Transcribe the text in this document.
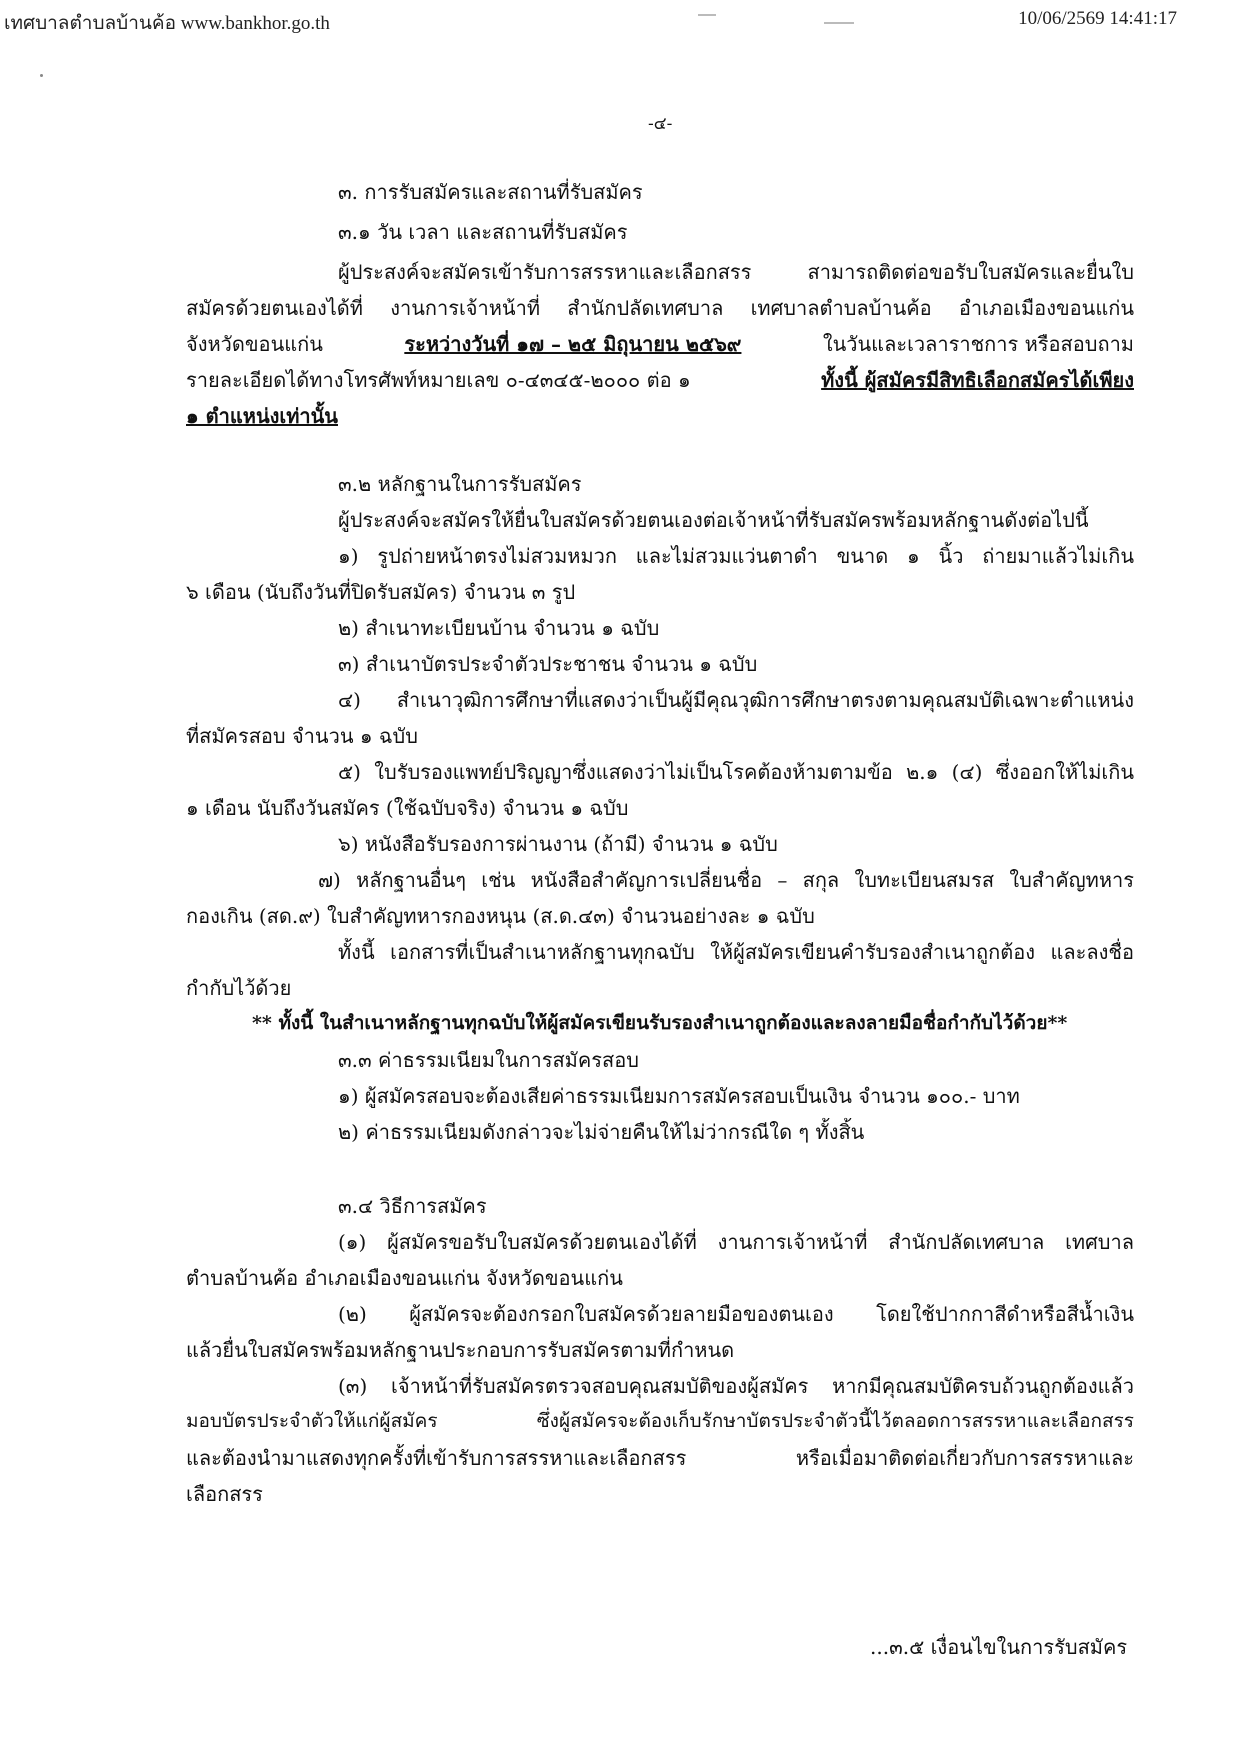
เทศบาลตำบลบ้านค้อ www.bankhor.go.th	10/06/2569 14:41:17
-๔-
๓. การรับสมัครและสถานที่รับสมัคร
๓.๑ วัน เวลา และสถานที่รับสมัคร
ผู้ประสงค์จะสมัครเข้ารับการสรรหาและเลือกสรร สามารถติดต่อขอรับใบสมัครและยื่นใบ
สมัครด้วยตนเองได้ที่ งานการเจ้าหน้าที่ สำนักปลัดเทศบาล เทศบาลตำบลบ้านค้อ อำเภอเมืองขอนแก่น
จังหวัดขอนแก่น	ระหว่างวันที่ ๑๗ – ๒๕ มิถุนายน ๒๕๖๙	ในวันและเวลาราชการ หรือสอบถาม
รายละเอียดได้ทางโทรศัพท์หมายเลข ๐-๔๓๔๕-๒๐๐๐ ต่อ ๑	ทั้งนี้ ผู้สมัครมีสิทธิเลือกสมัครได้เพียง
๑ ตำแหน่งเท่านั้น
๓.๒ หลักฐานในการรับสมัคร
ผู้ประสงค์จะสมัครให้ยื่นใบสมัครด้วยตนเองต่อเจ้าหน้าที่รับสมัครพร้อมหลักฐานดังต่อไปนี้
๑) รูปถ่ายหน้าตรงไม่สวมหมวก และไม่สวมแว่นตาดำ ขนาด ๑ นิ้ว ถ่ายมาแล้วไม่เกิน
๖ เดือน (นับถึงวันที่ปิดรับสมัคร) จำนวน ๓ รูป
๒) สำเนาทะเบียนบ้าน จำนวน ๑ ฉบับ
๓) สำเนาบัตรประจำตัวประชาชน จำนวน ๑ ฉบับ
๔) สำเนาวุฒิการศึกษาที่แสดงว่าเป็นผู้มีคุณวุฒิการศึกษาตรงตามคุณสมบัติเฉพาะตำแหน่ง
ที่สมัครสอบ จำนวน ๑ ฉบับ
๕) ใบรับรองแพทย์ปริญญาซึ่งแสดงว่าไม่เป็นโรคต้องห้ามตามข้อ ๒.๑ (๔) ซึ่งออกให้ไม่เกิน
๑ เดือน นับถึงวันสมัคร (ใช้ฉบับจริง) จำนวน ๑ ฉบับ
๖) หนังสือรับรองการผ่านงาน (ถ้ามี) จำนวน ๑ ฉบับ
๗) หลักฐานอื่นๆ เช่น หนังสือสำคัญการเปลี่ยนชื่อ – สกุล ใบทะเบียนสมรส ใบสำคัญทหาร
กองเกิน (สด.๙) ใบสำคัญทหารกองหนุน (ส.ด.๔๓) จำนวนอย่างละ ๑ ฉบับ
ทั้งนี้ เอกสารที่เป็นสำเนาหลักฐานทุกฉบับ ให้ผู้สมัครเขียนคำรับรองสำเนาถูกต้อง และลงชื่อ
กำกับไว้ด้วย
** ทั้งนี้ ในสำเนาหลักฐานทุกฉบับให้ผู้สมัครเขียนรับรองสำเนาถูกต้องและลงลายมือชื่อกำกับไว้ด้วย**
๓.๓ ค่าธรรมเนียมในการสมัครสอบ
๑) ผู้สมัครสอบจะต้องเสียค่าธรรมเนียมการสมัครสอบเป็นเงิน จำนวน ๑๐๐.- บาท
๒) ค่าธรรมเนียมดังกล่าวจะไม่จ่ายคืนให้ไม่ว่ากรณีใด ๆ ทั้งสิ้น
๓.๔ วิธีการสมัคร
(๑) ผู้สมัครขอรับใบสมัครด้วยตนเองได้ที่ งานการเจ้าหน้าที่ สำนักปลัดเทศบาล เทศบาล
ตำบลบ้านค้อ อำเภอเมืองขอนแก่น จังหวัดขอนแก่น
(๒) ผู้สมัครจะต้องกรอกใบสมัครด้วยลายมือของตนเอง โดยใช้ปากกาสีดำหรือสีน้ำเงิน
แล้วยื่นใบสมัครพร้อมหลักฐานประกอบการรับสมัครตามที่กำหนด
(๓) เจ้าหน้าที่รับสมัครตรวจสอบคุณสมบัติของผู้สมัคร หากมีคุณสมบัติครบถ้วนถูกต้องแล้ว
มอบบัตรประจำตัวให้แก่ผู้สมัคร ซึ่งผู้สมัครจะต้องเก็บรักษาบัตรประจำตัวนี้ไว้ตลอดการสรรหาและเลือกสรร
และต้องนำมาแสดงทุกครั้งที่เข้ารับการสรรหาและเลือกสรร หรือเมื่อมาติดต่อเกี่ยวกับการสรรหาและ
เลือกสรร
...๓.๕ เงื่อนไขในการรับสมัคร
